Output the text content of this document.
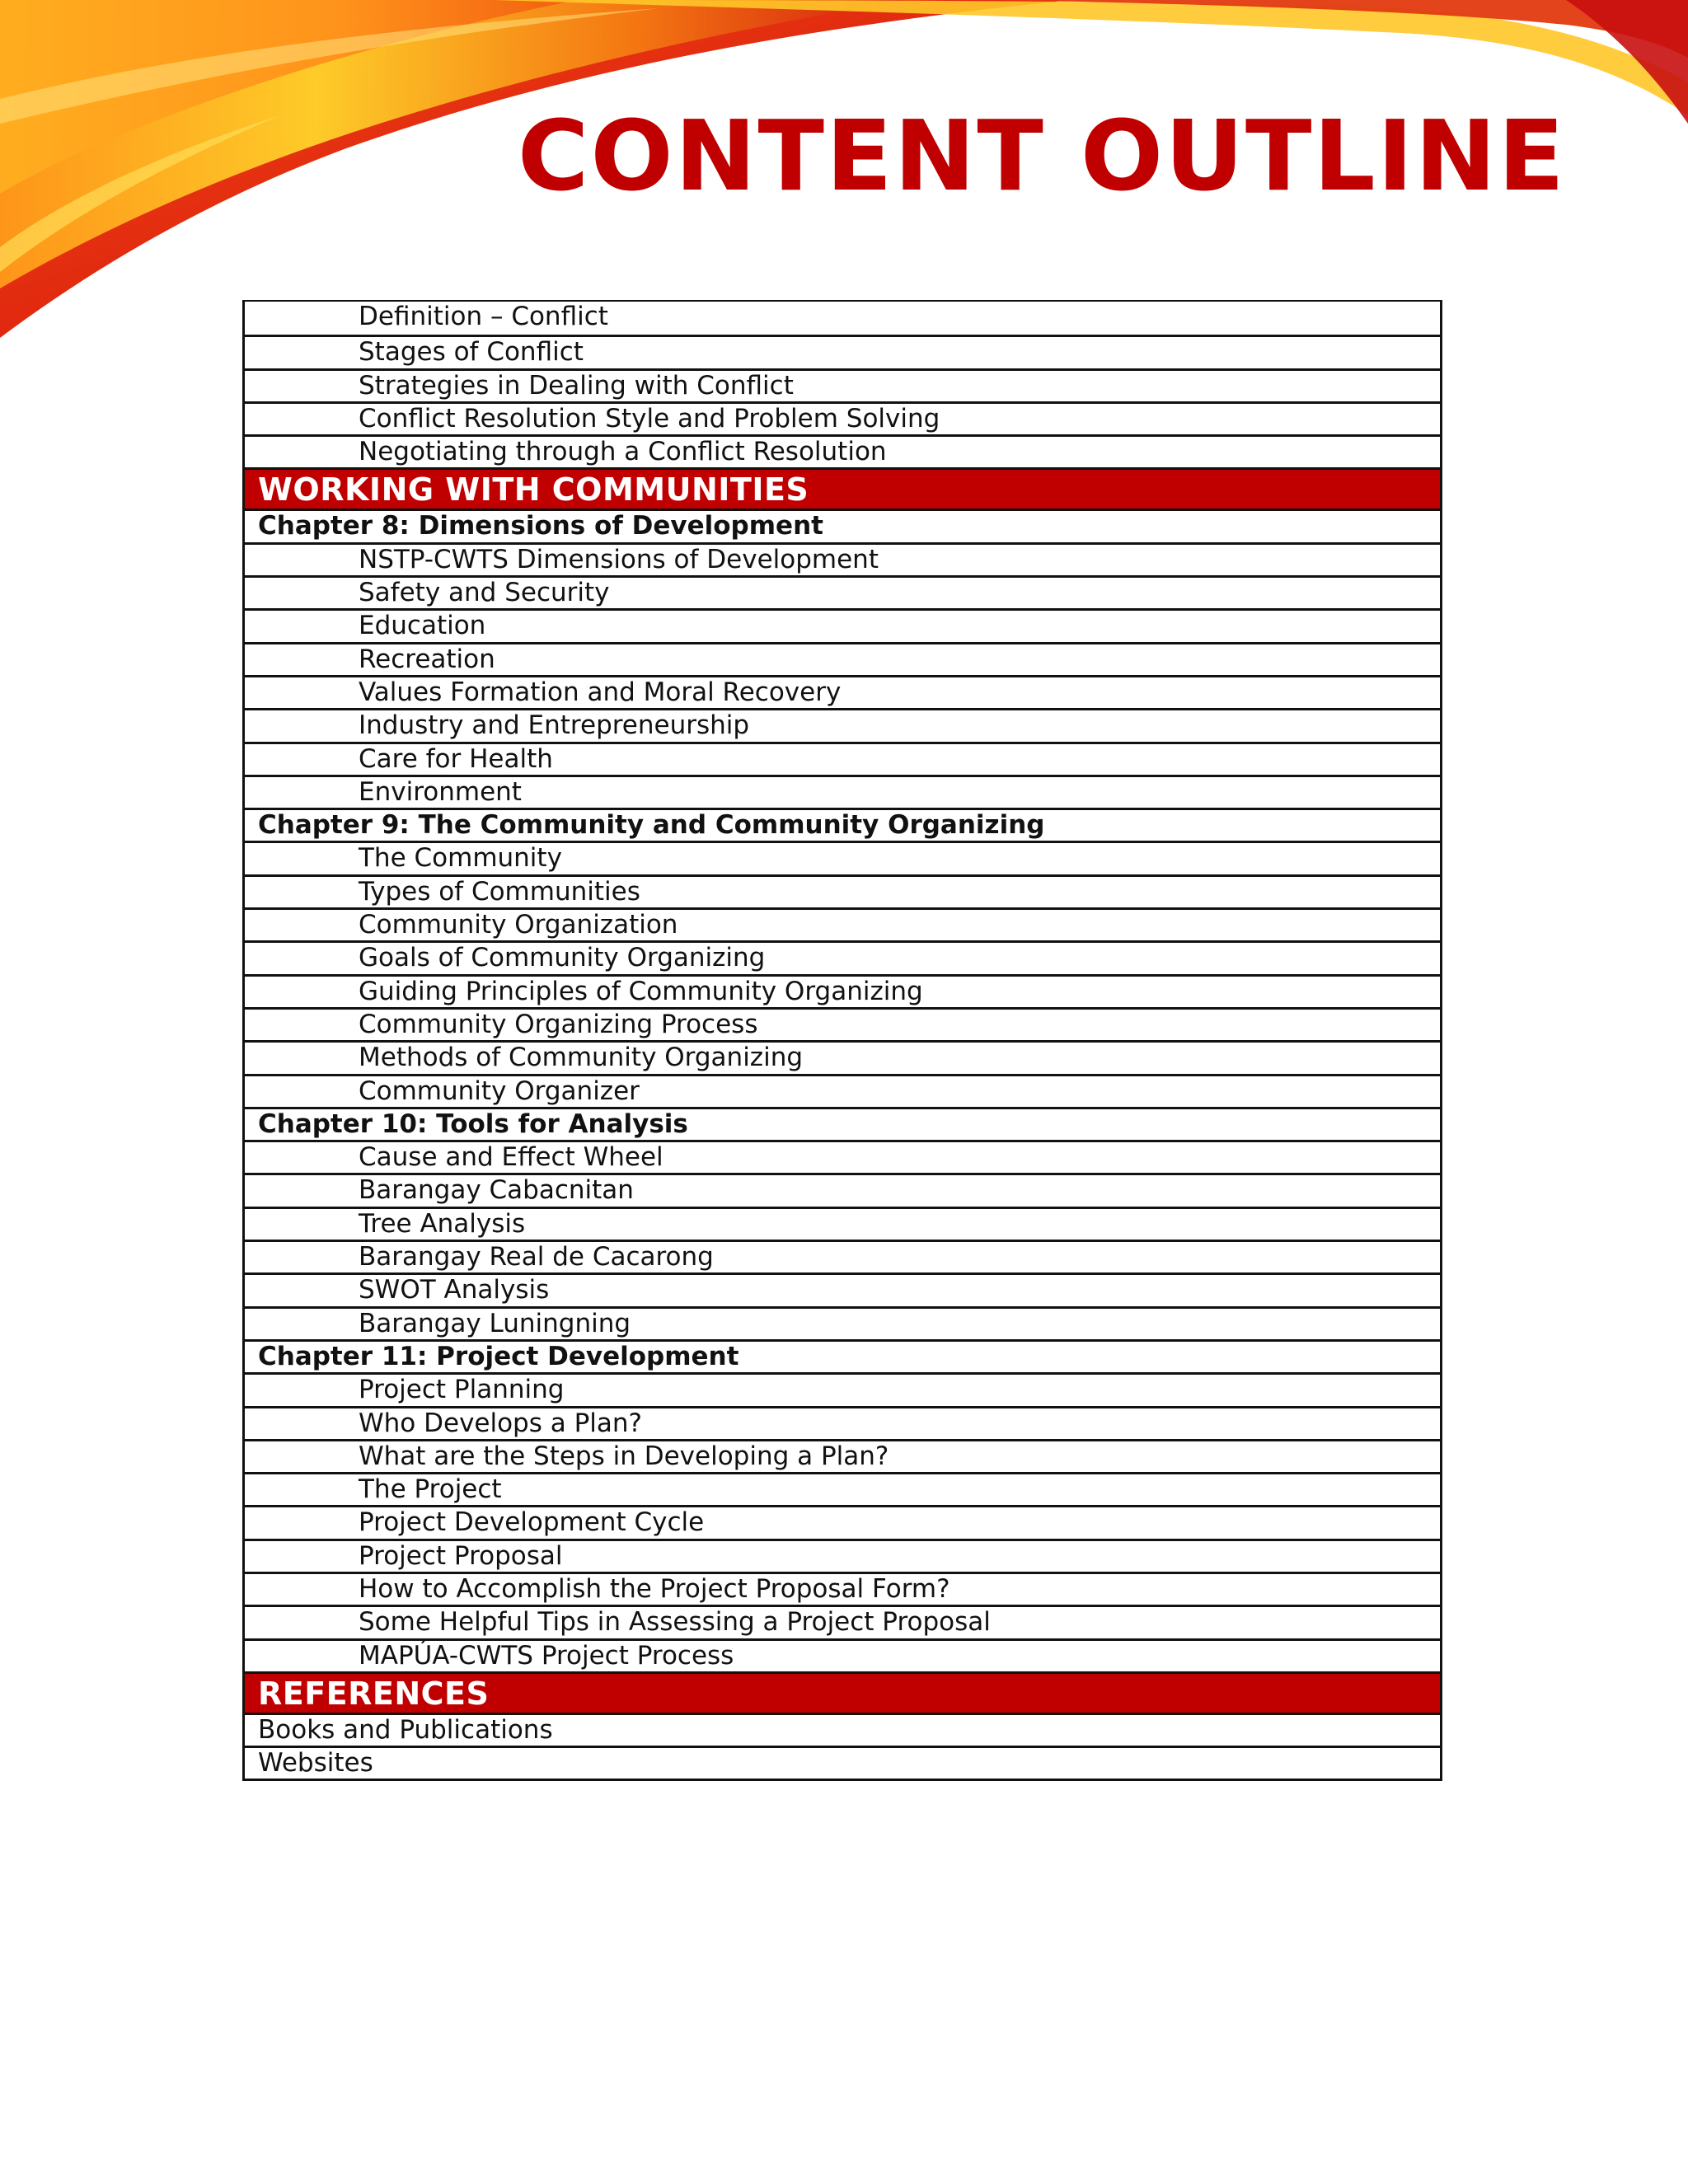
CONTENT OUTLINE
Definition – Conflict
Stages of Conflict
Strategies in Dealing with Conflict
Conflict Resolution Style and Problem Solving
Negotiating through a Conflict Resolution
WORKING WITH COMMUNITIES
Chapter 8: Dimensions of Development
NSTP-CWTS Dimensions of Development
Safety and Security
Education
Recreation
Values Formation and Moral Recovery
Industry and Entrepreneurship
Care for Health
Environment
Chapter 9: The Community and Community Organizing
The Community
Types of Communities
Community Organization
Goals of Community Organizing
Guiding Principles of Community Organizing
Community Organizing Process
Methods of Community Organizing
Community Organizer
Chapter 10: Tools for Analysis
Cause and Effect Wheel
Barangay Cabacnitan
Tree Analysis
Barangay Real de Cacarong
SWOT Analysis
Barangay Luningning
Chapter 11: Project Development
Project Planning
Who Develops a Plan?
What are the Steps in Developing a Plan?
The Project
Project Development Cycle
Project Proposal
How to Accomplish the Project Proposal Form?
Some Helpful Tips in Assessing a Project Proposal
MAPÚA-CWTS Project Process
REFERENCES
Books and Publications
Websites
